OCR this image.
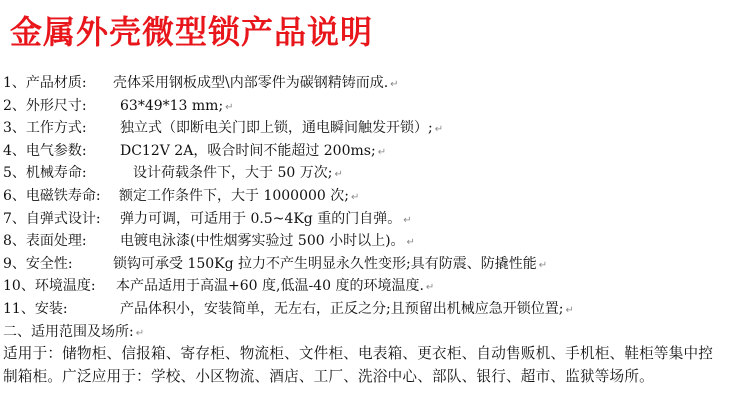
金属外壳微型锁产品说明
1、产品材质: 壳体采用钢板成型\内部零件为碳钢精铸而成. ↵
2、外形尺寸: 63*49*13 mm; ↵
3、工作方式: 独立式（即断电关门即上锁，通电瞬间触发开锁）; ↵
4、电气参数: DC12V 2A，吸合时间不能超过 200ms; ↵
5、机械寿命:	设计荷载条件下，大于 50 万次; ↵
6、电磁铁寿命: 额定工作条件下，大于 1000000 次; ↵
7、自弹式设计: 弹力可调，可适用于 0.5~4Kg 重的门自弹。 ↵
8、表面处理: 电镀电泳漆(中性烟雾实验过 500 小时以上)。 ↵
9、安全性:	锁钩可承受 150Kg 拉力不产生明显永久性变形;具有防震、防撬性能 ↵
10、环境温度: 本产品适用于高温+60 度,低温-40 度的环境温度. ↵
11、安装:	产品体积小，安装简单，无左右，正反之分;且预留出机械应急开锁位置; ↵
二、适用范围及场所: ↵
适用于：储物柜、信报箱、寄存柜、物流柜、文件柜、电表箱、更衣柜、自动售贩机、手机柜、鞋柜等集中控
制箱柜。广泛应用于：学校、小区物流、酒店、工厂、洗浴中心、部队、银行、超市、监狱等场所。
